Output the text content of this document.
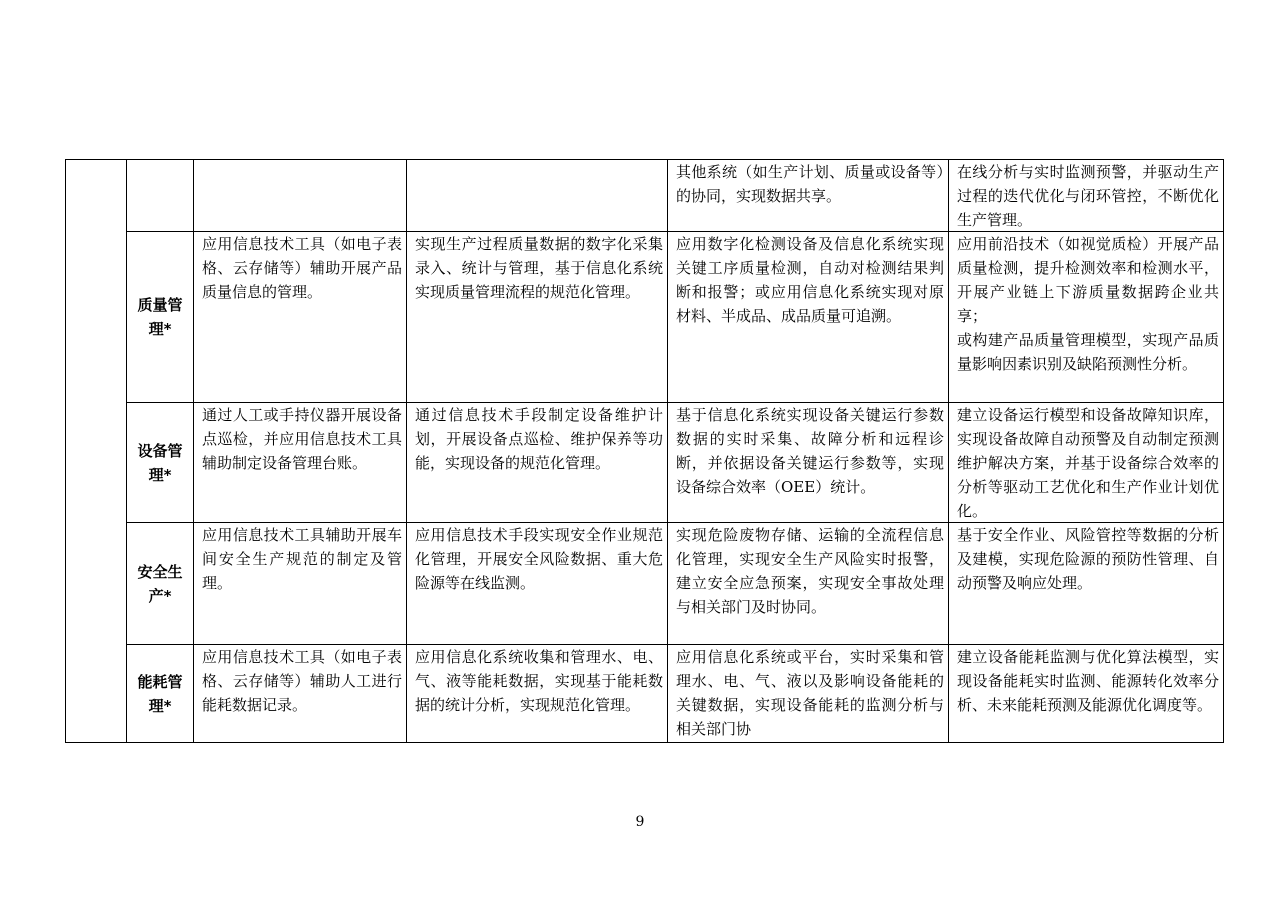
				其他系统（如生产计划、质量或设备等）的协同，实现数据共享。	在线分析与实时监测预警，并驱动生产过程的迭代优化与闭环管控，不断优化生产管理。

	质量管理*	应用信息技术工具（如电子表格、云存储等）辅助开展产品质量信息的管理。	实现生产过程质量数据的数字化采集录入、统计与管理，基于信息化系统实现质量管理流程的规范化管理。	应用数字化检测设备及信息化系统实现关键工序质量检测，自动对检测结果判断和报警；或应用信息化系统实现对原材料、半成品、成品质量可追溯。	应用前沿技术（如视觉质检）开展产品质量检测，提升检测效率和检测水平，开展产业链上下游质量数据跨企业共享；
或构建产品质量管理模型，实现产品质量影响因素识别及缺陷预测性分析。

	设备管理*	通过人工或手持仪器开展设备点巡检，并应用信息技术工具辅助制定设备管理台账。	通过信息技术手段制定设备维护计划，开展设备点巡检、维护保养等功能，实现设备的规范化管理。	基于信息化系统实现设备关键运行参数数据的实时采集、故障分析和远程诊断，并依据设备关键运行参数等，实现设备综合效率（OEE）统计。	建立设备运行模型和设备故障知识库，实现设备故障自动预警及自动制定预测维护解决方案，并基于设备综合效率的分析等驱动工艺优化和生产作业计划优化。

	安全生产*	应用信息技术工具辅助开展车间安全生产规范的制定及管理。	应用信息技术手段实现安全作业规范化管理，开展安全风险数据、重大危险源等在线监测。	实现危险废物存储、运输的全流程信息化管理，实现安全生产风险实时报警，建立安全应急预案，实现安全事故处理与相关部门及时协同。	基于安全作业、风险管控等数据的分析及建模，实现危险源的预防性管理、自动预警及响应处理。

	能耗管理*	应用信息技术工具（如电子表格、云存储等）辅助人工进行能耗数据记录。	应用信息化系统收集和管理水、电、气、液等能耗数据，实现基于能耗数据的统计分析，实现规范化管理。	应用信息化系统或平台，实时采集和管理水、电、气、液以及影响设备能耗的关键数据，实现设备能耗的监测分析与相关部门协	建立设备能耗监测与优化算法模型，实现设备能耗实时监测、能源转化效率分析、未来能耗预测及能源优化调度等。
9
